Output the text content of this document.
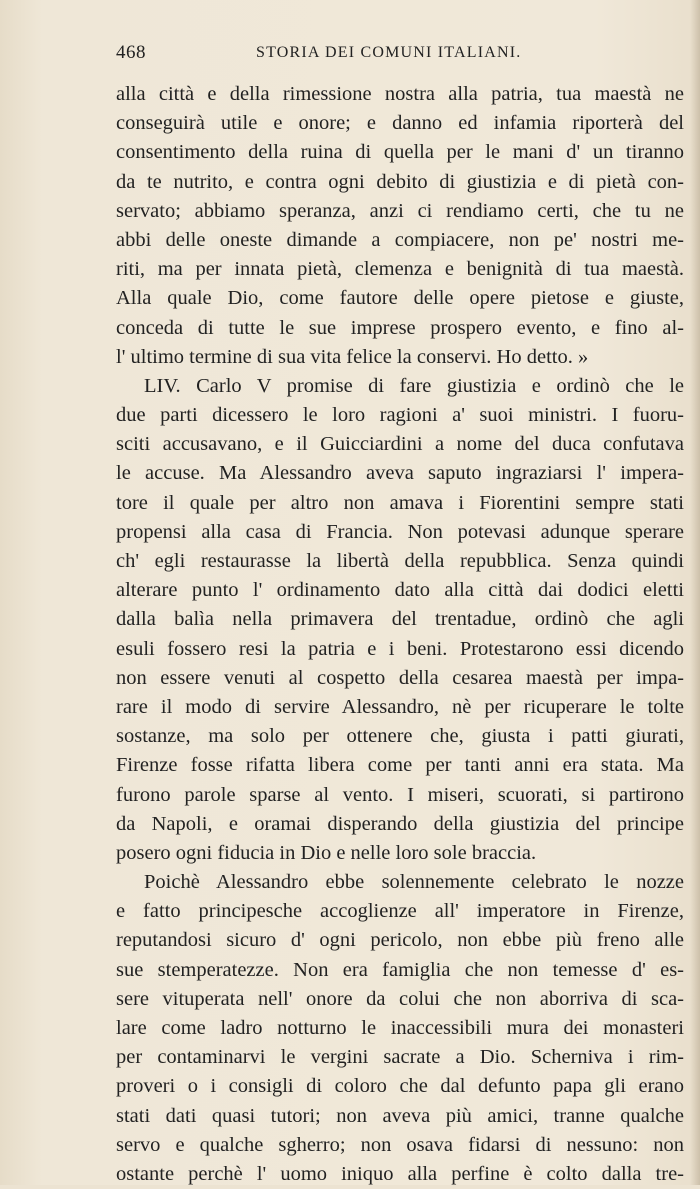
468	STORIA DEI COMUNI ITALIANI.
alla città e della rimessione nostra alla patria, tua maestà ne
conseguirà utile e onore; e danno ed infamia riporterà del
consentimento della ruina di quella per le mani d' un tiranno
da te nutrito, e contra ogni debito di giustizia e di pietà con-
servato; abbiamo speranza, anzi ci rendiamo certi, che tu ne
abbi delle oneste dimande a compiacere, non pe' nostri me-
riti, ma per innata pietà, clemenza e benignità di tua maestà.
Alla quale Dio, come fautore delle opere pietose e giuste,
conceda di tutte le sue imprese prospero evento, e fino al-
l' ultimo termine di sua vita felice la conservi. Ho detto. »
LIV. Carlo V promise di fare giustizia e ordinò che le
due parti dicessero le loro ragioni a' suoi ministri. I fuoru-
sciti accusavano, e il Guicciardini a nome del duca confutava
le accuse. Ma Alessandro aveva saputo ingraziarsi l' impera-
tore il quale per altro non amava i Fiorentini sempre stati
propensi alla casa di Francia. Non potevasi adunque sperare
ch' egli restaurasse la libertà della repubblica. Senza quindi
alterare punto l' ordinamento dato alla città dai dodici eletti
dalla balìa nella primavera del trentadue, ordinò che agli
esuli fossero resi la patria e i beni. Protestarono essi dicendo
non essere venuti al cospetto della cesarea maestà per impa-
rare il modo di servire Alessandro, nè per ricuperare le tolte
sostanze, ma solo per ottenere che, giusta i patti giurati,
Firenze fosse rifatta libera come per tanti anni era stata. Ma
furono parole sparse al vento. I miseri, scuorati, si partirono
da Napoli, e oramai disperando della giustizia del principe
posero ogni fiducia in Dio e nelle loro sole braccia.
Poichè Alessandro ebbe solennemente celebrato le nozze
e fatto principesche accoglienze all' imperatore in Firenze,
reputandosi sicuro d' ogni pericolo, non ebbe più freno alle
sue stemperatezze. Non era famiglia che non temesse d' es-
sere vituperata nell' onore da colui che non aborriva di sca-
lare come ladro notturno le inaccessibili mura dei monasteri
per contaminarvi le vergini sacrate a Dio. Scherniva i rim-
proveri o i consigli di coloro che dal defunto papa gli erano
stati dati quasi tutori; non aveva più amici, tranne qualche
servo e qualche sgherro; non osava fidarsi di nessuno: non
ostante perchè l' uomo iniquo alla perfine è colto dalla tre-
